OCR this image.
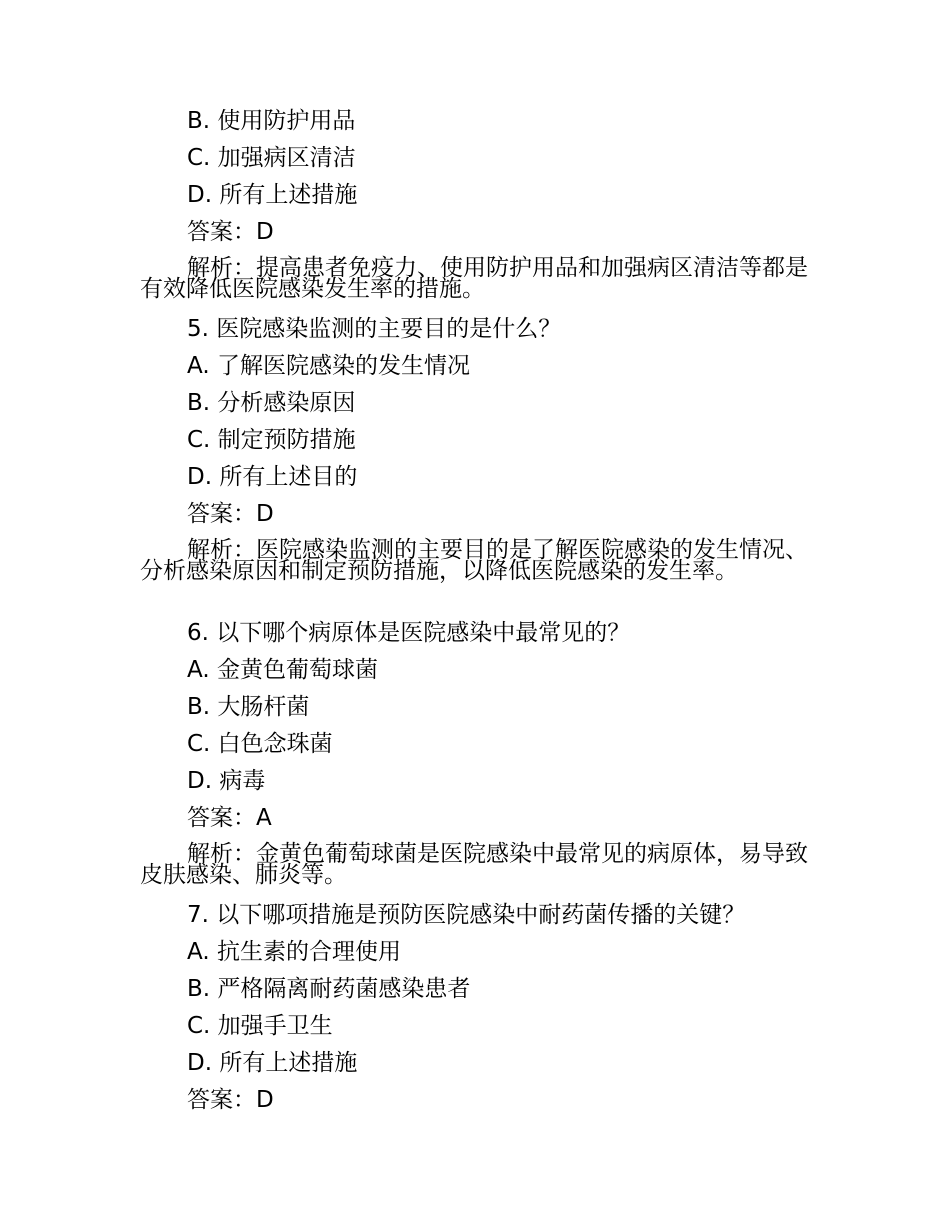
B. 使用防护用品
C. 加强病区清洁
D. 所有上述措施
答案：D
解析：提高患者免疫力、使用防护用品和加强病区清洁等都是有效降低医院感染发生率的措施。
5. 医院感染监测的主要目的是什么？
A. 了解医院感染的发生情况
B. 分析感染原因
C. 制定预防措施
D. 所有上述目的
答案：D
解析：医院感染监测的主要目的是了解医院感染的发生情况、分析感染原因和制定预防措施，以降低医院感染的发生率。
6. 以下哪个病原体是医院感染中最常见的？
A. 金黄色葡萄球菌
B. 大肠杆菌
C. 白色念珠菌
D. 病毒
答案：A
解析：金黄色葡萄球菌是医院感染中最常见的病原体，易导致皮肤感染、肺炎等。
7. 以下哪项措施是预防医院感染中耐药菌传播的关键？
A. 抗生素的合理使用
B. 严格隔离耐药菌感染患者
C. 加强手卫生
D. 所有上述措施
答案：D
